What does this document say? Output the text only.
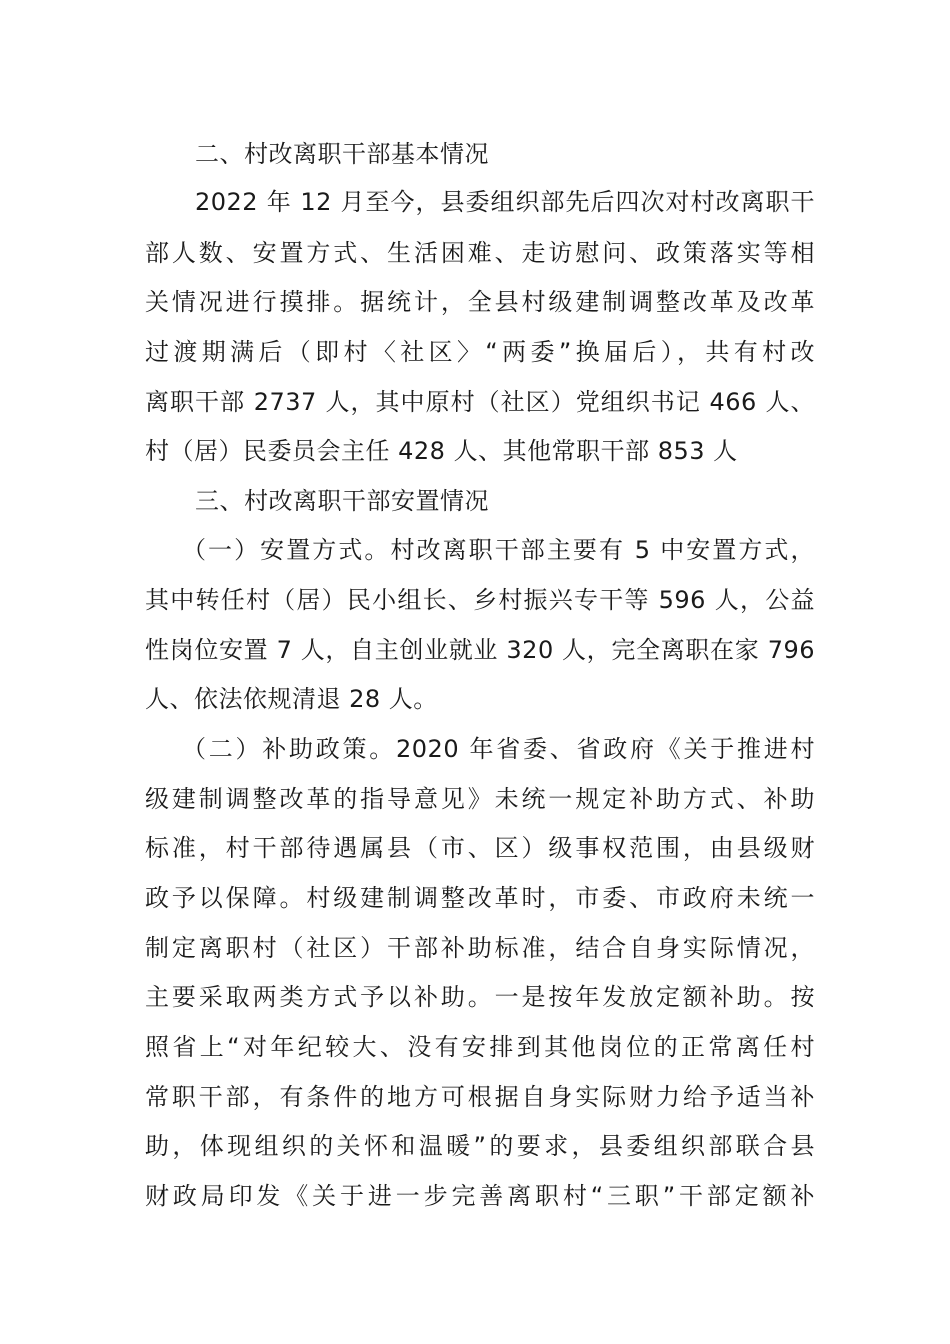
二、村改离职干部基本情况
2022 年 12 月至今，县委组织部先后四次对村改离职干
部人数、安置方式、生活困难、走访慰问、政策落实等相
关情况进行摸排。据统计，全县村级建制调整改革及改革
过渡期满后（即村〈社区〉“两委”换届后），共有村改
离职干部 2737 人，其中原村（社区）党组织书记 466 人、
村（居）民委员会主任 428 人、其他常职干部 853 人
三、村改离职干部安置情况
（一）安置方式。村改离职干部主要有 5 中安置方式，
其中转任村（居）民小组长、乡村振兴专干等 596 人，公益
性岗位安置 7 人，自主创业就业 320 人，完全离职在家 796
人、依法依规清退 28 人。
（二）补助政策。2020 年省委、省政府《关于推进村
级建制调整改革的指导意见》未统一规定补助方式、补助
标准，村干部待遇属县（市、区）级事权范围，由县级财
政予以保障。村级建制调整改革时，市委、市政府未统一
制定离职村（社区）干部补助标准，结合自身实际情况，
主要采取两类方式予以补助。一是按年发放定额补助。按
照省上“对年纪较大、没有安排到其他岗位的正常离任村
常职干部，有条件的地方可根据自身实际财力给予适当补
助，体现组织的关怀和温暖”的要求，县委组织部联合县
财政局印发《关于进一步完善离职村“三职”干部定额补
